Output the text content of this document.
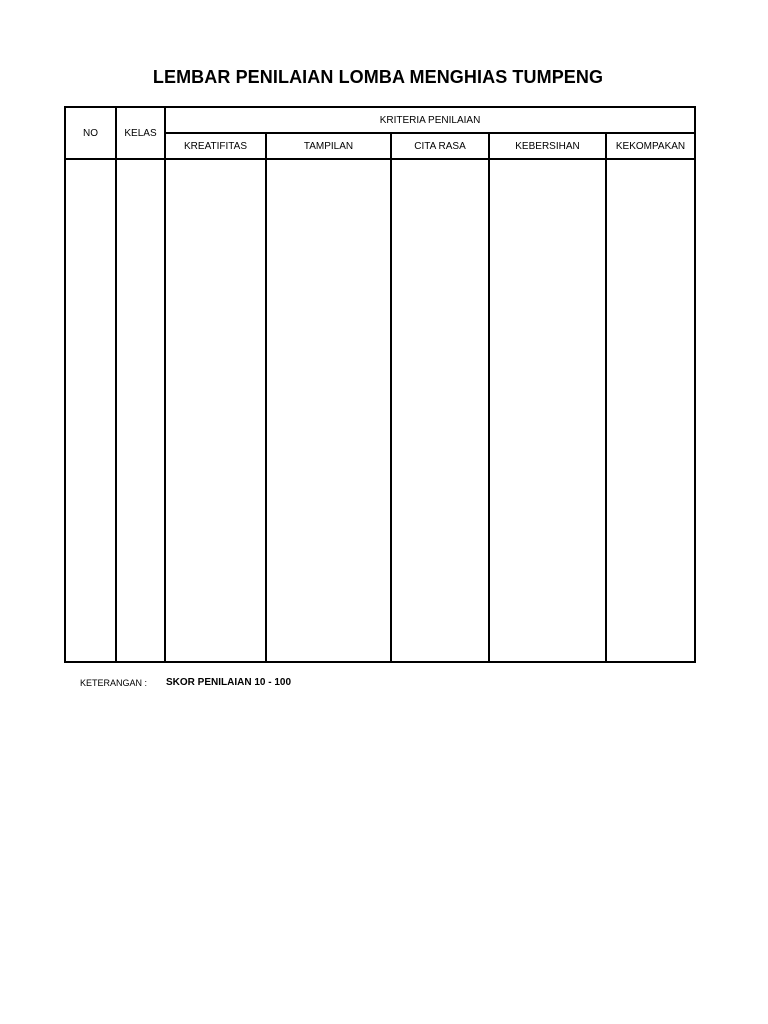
LEMBAR PENILAIAN LOMBA MENGHIAS TUMPENG
NO	KELAS	KRITERIA PENILAIAN				
		KREATIFITAS	TAMPILAN	CITA RASA	KEBERSIHAN	KEKOMPAKAN

KETERANGAN : SKOR PENILAIAN 10 - 100
